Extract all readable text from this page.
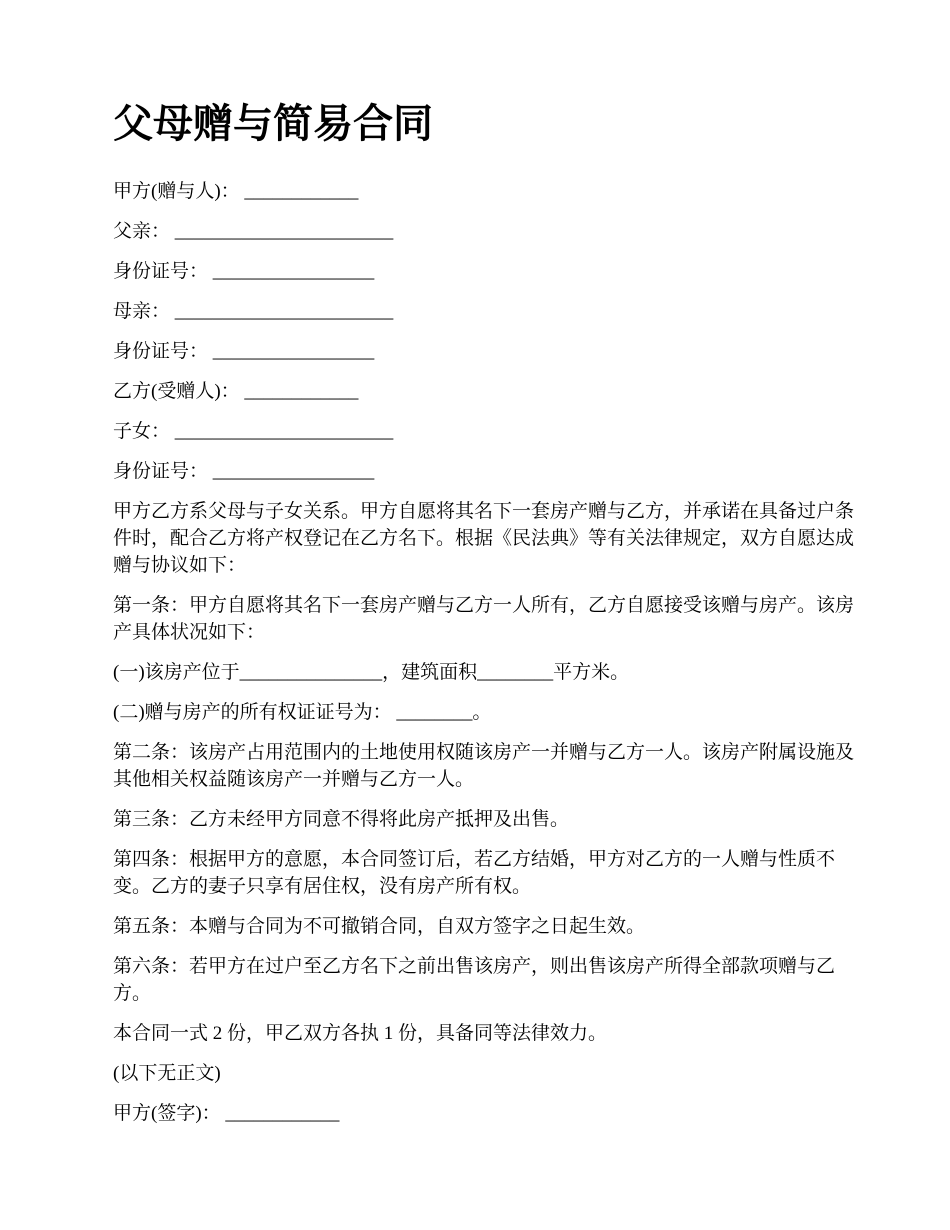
父母赠与简易合同

甲方(赠与人)： ____________

父亲： _______________________

身份证号： _________________

母亲： _______________________

身份证号： _________________

乙方(受赠人)： ____________

子女： _______________________

身份证号： _________________

甲方乙方系父母与子女关系。甲方自愿将其名下一套房产赠与乙方，并承诺在具备过户条件时，配合乙方将产权登记在乙方名下。根据《民法典》等有关法律规定，双方自愿达成赠与协议如下：

第一条：甲方自愿将其名下一套房产赠与乙方一人所有，乙方自愿接受该赠与房产。该房产具体状况如下：

(一)该房产位于_______________，建筑面积________平方米。

(二)赠与房产的所有权证证号为： ________。

第二条：该房产占用范围内的土地使用权随该房产一并赠与乙方一人。该房产附属设施及其他相关权益随该房产一并赠与乙方一人。

第三条：乙方未经甲方同意不得将此房产抵押及出售。

第四条：根据甲方的意愿，本合同签订后，若乙方结婚，甲方对乙方的一人赠与性质不变。乙方的妻子只享有居住权，没有房产所有权。

第五条：本赠与合同为不可撤销合同，自双方签字之日起生效。

第六条：若甲方在过户至乙方名下之前出售该房产，则出售该房产所得全部款项赠与乙方。

本合同一式 2 份，甲乙双方各执 1 份，具备同等法律效力。

(以下无正文)

甲方(签字)： ____________
